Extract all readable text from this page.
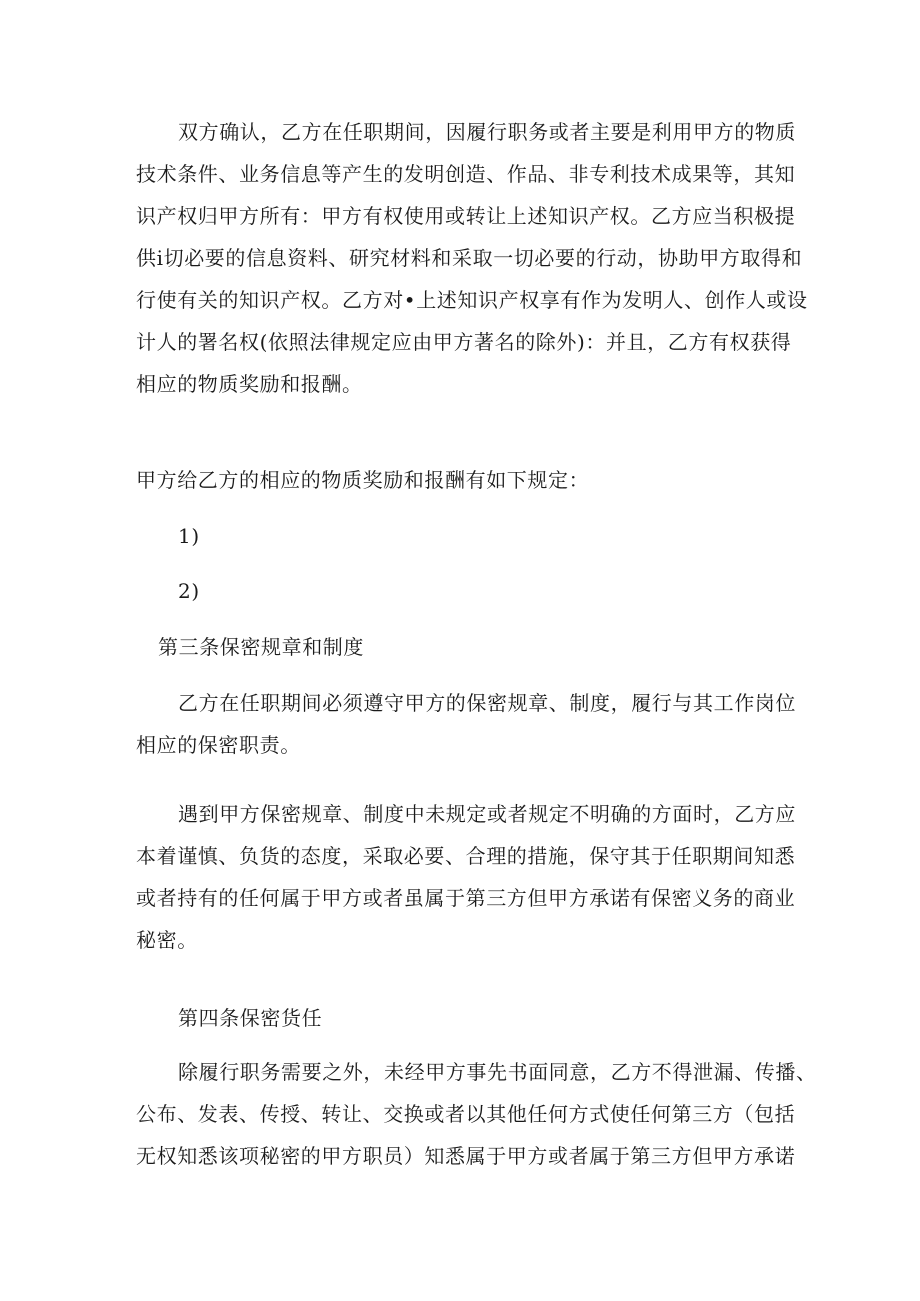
双方确认，乙方在任职期间，因履行职务或者主要是利用甲方的物质
技术条件、业务信息等产生的发明创造、作品、非专利技术成果等，其知
识产权归甲方所有：甲方有权使用或转让上述知识产权。乙方应当积极提
供i切必要的信息资料、研究材料和采取一切必要的行动，协助甲方取得和
行使有关的知识产权。乙方对•上述知识产权享有作为发明人、创作人或设
计人的署名权(依照法律规定应由甲方著名的除外)：并且，乙方有权获得
相应的物质奖励和报酬。
甲方给乙方的相应的物质奖励和报酬有如下规定：
1)
2)
第三条保密规章和制度
乙方在任职期间必须遵守甲方的保密规章、制度，履行与其工作岗位
相应的保密职责。
遇到甲方保密规章、制度中未规定或者规定不明确的方面时，乙方应
本着谨慎、负货的态度，采取必要、合理的措施，保守其于任职期间知悉
或者持有的任何属于甲方或者虽属于第三方但甲方承诺有保密义务的商业
秘密。
第四条保密货任
除履行职务需要之外，未经甲方事先书面同意，乙方不得泄漏、传播、
公布、发表、传授、转让、交换或者以其他任何方式使任何第三方（包括
无权知悉该项秘密的甲方职员）知悉属于甲方或者属于第三方但甲方承诺
